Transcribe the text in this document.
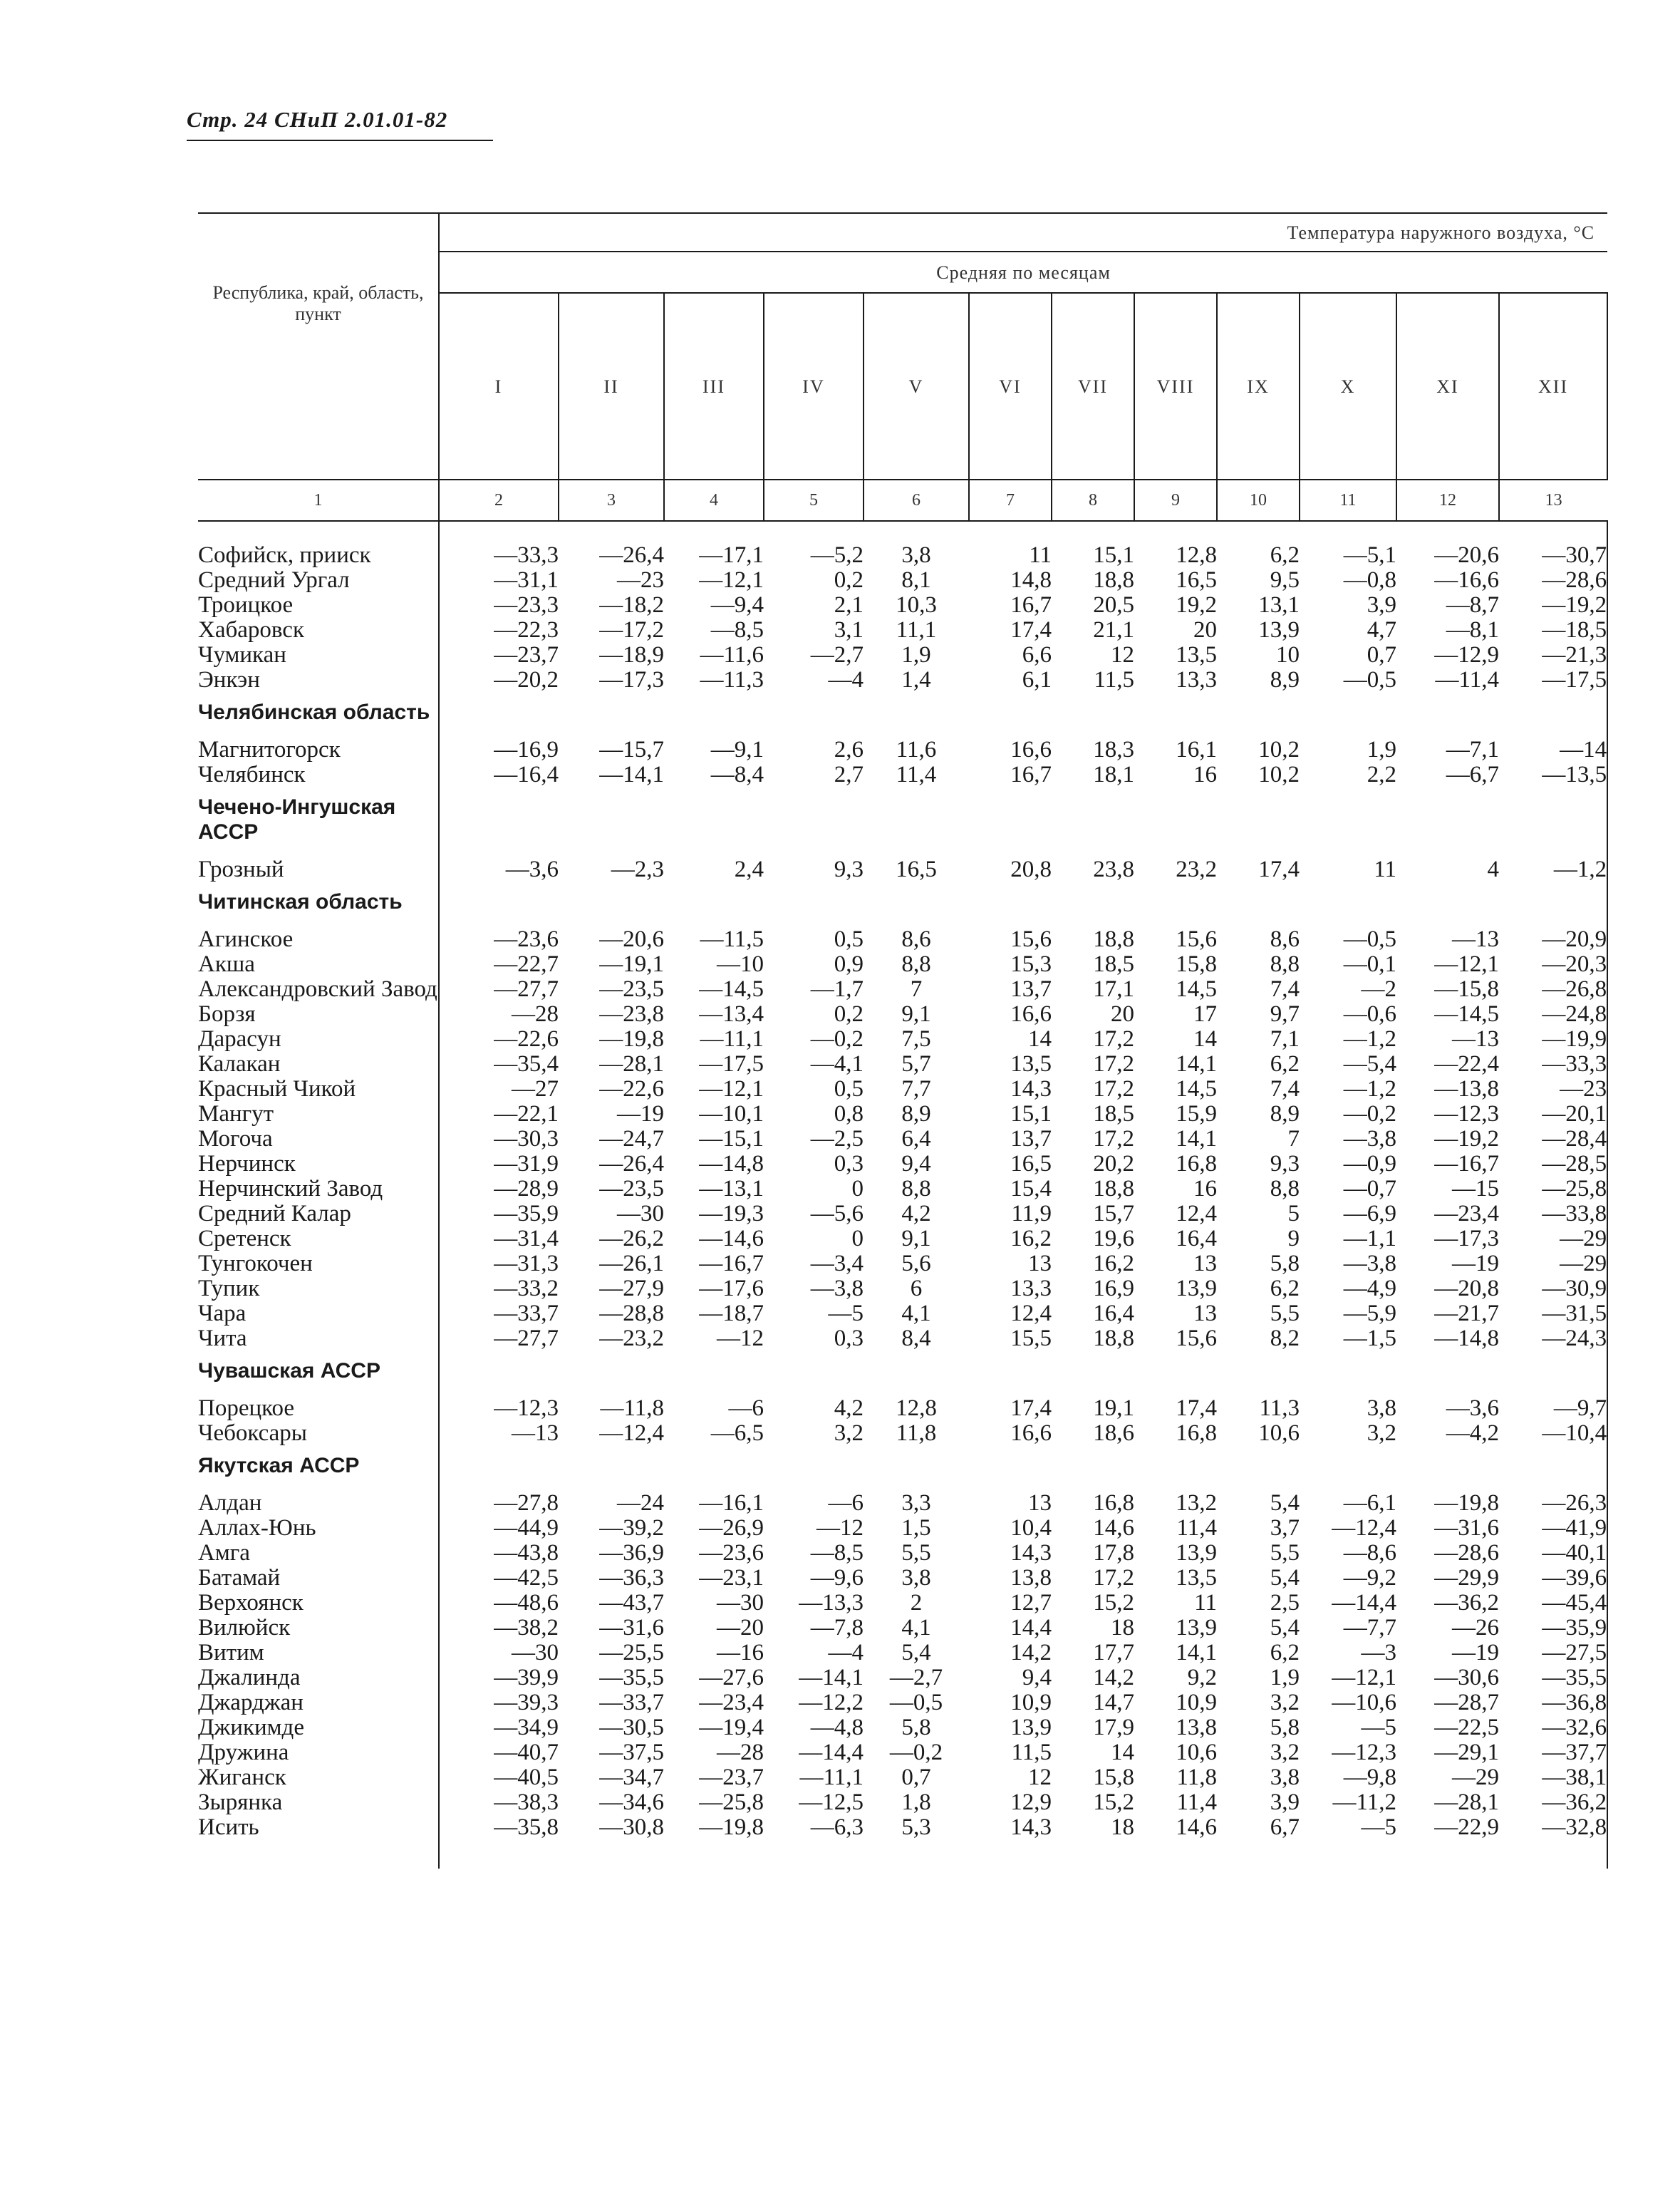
Стр. 24 СНиП 2.01.01-82
Республика, край, область, пункт	Температура наружного воздуха, °С											
	Средняя по месяцам											
	I	II	III	IV	V	VI	VII	VIII	IX	X	XI	XII
1	2	3	4	5	6	7	8	9	10	11	12	13

Софийск, прииск	—33,3	—26,4	—17,1	—5,2	3,8	11	15,1	12,8	6,2	—5,1	—20,6	—30,7
Средний Ургал	—31,1	—23	—12,1	0,2	8,1	14,8	18,8	16,5	9,5	—0,8	—16,6	—28,6
Троицкое	—23,3	—18,2	—9,4	2,1	10,3	16,7	20,5	19,2	13,1	3,9	—8,7	—19,2
Хабаровск	—22,3	—17,2	—8,5	3,1	11,1	17,4	21,1	20	13,9	4,7	—8,1	—18,5
Чумикан	—23,7	—18,9	—11,6	—2,7	1,9	6,6	12	13,5	10	0,7	—12,9	—21,3
Энкэн	—20,2	—17,3	—11,3	—4	1,4	6,1	11,5	13,3	8,9	—0,5	—11,4	—17,5
Челябинская область												
Магнитогорск	—16,9	—15,7	—9,1	2,6	11,6	16,6	18,3	16,1	10,2	1,9	—7,1	—14
Челябинск	—16,4	—14,1	—8,4	2,7	11,4	16,7	18,1	16	10,2	2,2	—6,7	—13,5
Чечено-Ингушская АССР												
Грозный	—3,6	—2,3	2,4	9,3	16,5	20,8	23,8	23,2	17,4	11	4	—1,2
Читинская область												
Агинское	—23,6	—20,6	—11,5	0,5	8,6	15,6	18,8	15,6	8,6	—0,5	—13	—20,9
Акша	—22,7	—19,1	—10	0,9	8,8	15,3	18,5	15,8	8,8	—0,1	—12,1	—20,3
Александровский Завод	—27,7	—23,5	—14,5	—1,7	7	13,7	17,1	14,5	7,4	—2	—15,8	—26,8
Борзя	—28	—23,8	—13,4	0,2	9,1	16,6	20	17	9,7	—0,6	—14,5	—24,8
Дарасун	—22,6	—19,8	—11,1	—0,2	7,5	14	17,2	14	7,1	—1,2	—13	—19,9
Калакан	—35,4	—28,1	—17,5	—4,1	5,7	13,5	17,2	14,1	6,2	—5,4	—22,4	—33,3
Красный Чикой	—27	—22,6	—12,1	0,5	7,7	14,3	17,2	14,5	7,4	—1,2	—13,8	—23
Мангут	—22,1	—19	—10,1	0,8	8,9	15,1	18,5	15,9	8,9	—0,2	—12,3	—20,1
Могоча	—30,3	—24,7	—15,1	—2,5	6,4	13,7	17,2	14,1	7	—3,8	—19,2	—28,4
Нерчинск	—31,9	—26,4	—14,8	0,3	9,4	16,5	20,2	16,8	9,3	—0,9	—16,7	—28,5
Нерчинский Завод	—28,9	—23,5	—13,1	0	8,8	15,4	18,8	16	8,8	—0,7	—15	—25,8
Средний Калар	—35,9	—30	—19,3	—5,6	4,2	11,9	15,7	12,4	5	—6,9	—23,4	—33,8
Сретенск	—31,4	—26,2	—14,6	0	9,1	16,2	19,6	16,4	9	—1,1	—17,3	—29
Тунгокочен	—31,3	—26,1	—16,7	—3,4	5,6	13	16,2	13	5,8	—3,8	—19	—29
Тупик	—33,2	—27,9	—17,6	—3,8	6	13,3	16,9	13,9	6,2	—4,9	—20,8	—30,9
Чара	—33,7	—28,8	—18,7	—5	4,1	12,4	16,4	13	5,5	—5,9	—21,7	—31,5
Чита	—27,7	—23,2	—12	0,3	8,4	15,5	18,8	15,6	8,2	—1,5	—14,8	—24,3
Чувашская АССР												
Порецкое	—12,3	—11,8	—6	4,2	12,8	17,4	19,1	17,4	11,3	3,8	—3,6	—9,7
Чебоксары	—13	—12,4	—6,5	3,2	11,8	16,6	18,6	16,8	10,6	3,2	—4,2	—10,4
Якутская АССР												
Алдан	—27,8	—24	—16,1	—6	3,3	13	16,8	13,2	5,4	—6,1	—19,8	—26,3
Аллах-Юнь	—44,9	—39,2	—26,9	—12	1,5	10,4	14,6	11,4	3,7	—12,4	—31,6	—41,9
Амга	—43,8	—36,9	—23,6	—8,5	5,5	14,3	17,8	13,9	5,5	—8,6	—28,6	—40,1
Батамай	—42,5	—36,3	—23,1	—9,6	3,8	13,8	17,2	13,5	5,4	—9,2	—29,9	—39,6
Верхоянск	—48,6	—43,7	—30	—13,3	2	12,7	15,2	11	2,5	—14,4	—36,2	—45,4
Вилюйск	—38,2	—31,6	—20	—7,8	4,1	14,4	18	13,9	5,4	—7,7	—26	—35,9
Витим	—30	—25,5	—16	—4	5,4	14,2	17,7	14,1	6,2	—3	—19	—27,5
Джалинда	—39,9	—35,5	—27,6	—14,1	—2,7	9,4	14,2	9,2	1,9	—12,1	—30,6	—35,5
Джарджан	—39,3	—33,7	—23,4	—12,2	—0,5	10,9	14,7	10,9	3,2	—10,6	—28,7	—36,8
Джикимде	—34,9	—30,5	—19,4	—4,8	5,8	13,9	17,9	13,8	5,8	—5	—22,5	—32,6
Дружина	—40,7	—37,5	—28	—14,4	—0,2	11,5	14	10,6	3,2	—12,3	—29,1	—37,7
Жиганск	—40,5	—34,7	—23,7	—11,1	0,7	12	15,8	11,8	3,8	—9,8	—29	—38,1
Зырянка	—38,3	—34,6	—25,8	—12,5	1,8	12,9	15,2	11,4	3,9	—11,2	—28,1	—36,2
Исить	—35,8	—30,8	—19,8	—6,3	5,3	14,3	18	14,6	6,7	—5	—22,9	—32,8
